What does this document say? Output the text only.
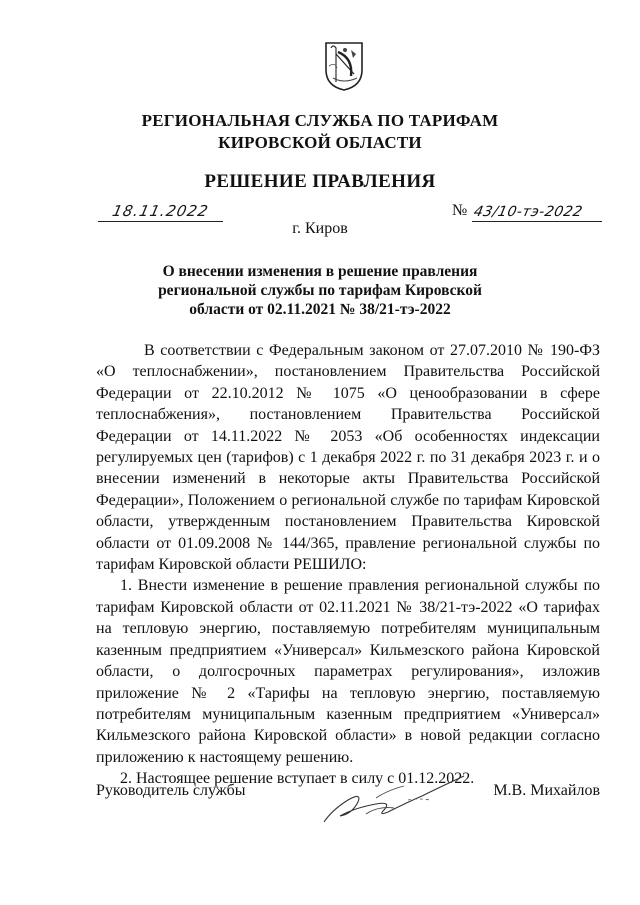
РЕГИОНАЛЬНАЯ СЛУЖБА ПО ТАРИФАМ
КИРОВСКОЙ ОБЛАСТИ
РЕШЕНИЕ ПРАВЛЕНИЯ
18.11.2022	№ 43/10-тэ-2022
г. Киров
О внесении изменения в решение правления
региональной службы по тарифам Кировской
области от 02.11.2021 № 38/21-тэ-2022

В соответствии с Федеральным законом от 27.07.2010 № 190-ФЗ «О теплоснабжении», постановлением Правительства Российской Федерации от 22.10.2012 № 1075 «О ценообразовании в сфере теплоснабжения», постановлением Правительства Российской Федерации от 14.11.2022 № 2053 «Об особенностях индексации регулируемых цен (тарифов) с 1 декабря 2022 г. по 31 декабря 2023 г. и о внесении изменений в некоторые акты Правительства Российской Федерации», Положением о региональной службе по тарифам Кировской области, утвержденным постановлением Правительства Кировской области от 01.09.2008 № 144/365, правление региональной службы по тарифам Кировской области РЕШИЛО:

1. Внести изменение в решение правления региональной службы по тарифам Кировской области от 02.11.2021 № 38/21-тэ-2022 «О тарифах на тепловую энергию, поставляемую потребителям муниципальным казенным предприятием «Универсал» Кильмезского района Кировской области, о долгосрочных параметрах регулирования», изложив приложение № 2 «Тарифы на тепловую энергию, поставляемую потребителям муниципальным казенным предприятием «Универсал» Кильмезского района Кировской области» в новой редакции согласно приложению к настоящему решению.

2. Настоящее решение вступает в силу с 01.12.2022.

Руководитель службы	М.В. Михайлов
